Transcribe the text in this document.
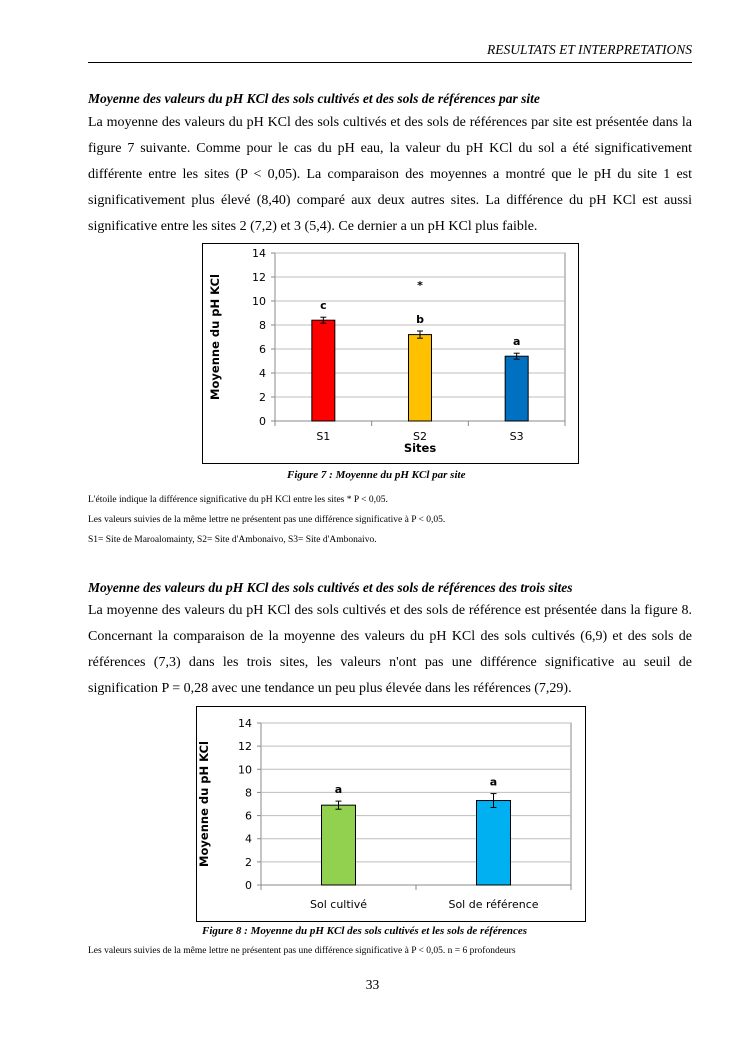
RESULTATS ET INTERPRETATIONS
Moyenne des valeurs du pH KCl des sols cultivés et des sols de références par site
La moyenne des valeurs du pH KCl des sols cultivés et des sols de références par site est présentée dans la figure 7 suivante. Comme pour le cas du pH eau, la valeur du pH KCl du sol a été significativement différente entre les sites (P < 0,05). La comparaison des moyennes a montré que le pH du site 1 est significativement plus élevé (8,40) comparé aux deux autres sites. La différence du pH KCl est aussi significative entre les sites 2 (7,2) et 3 (5,4). Ce dernier a un pH KCl plus faible.
0
2
4
6
8
10
12
14
c
S1
b
S2
a
S3
Moyenne du pH KCl
Sites
*
Figure 7 : Moyenne du pH KCl par site
L'étoile indique la différence significative du pH KCl entre les sites * P < 0,05.
Les valeurs suivies de la même lettre ne présentent pas une différence significative à P < 0,05.
S1= Site de Maroalomainty, S2= Site d'Ambonaivo, S3= Site d'Ambonaivo.
Moyenne des valeurs du pH KCl des sols cultivés et des sols de références des trois sites
La moyenne des valeurs du pH KCl des sols cultivés et des sols de référence est présentée dans la figure 8. Concernant la comparaison de la moyenne des valeurs du pH KCl des sols cultivés (6,9) et des sols de références (7,3) dans les trois sites, les valeurs n'ont pas une différence significative au seuil de signification P = 0,28 avec une tendance un peu plus élevée dans les références (7,29).
0
2
4
6
8
10
12
14
a
Sol cultivé
a
Sol de référence
Moyenne du pH KCl
Figure 8 : Moyenne du pH KCl des sols cultivés et les sols de références
Les valeurs suivies de la même lettre ne présentent pas une différence significative à P < 0,05. n = 6 profondeurs
33
